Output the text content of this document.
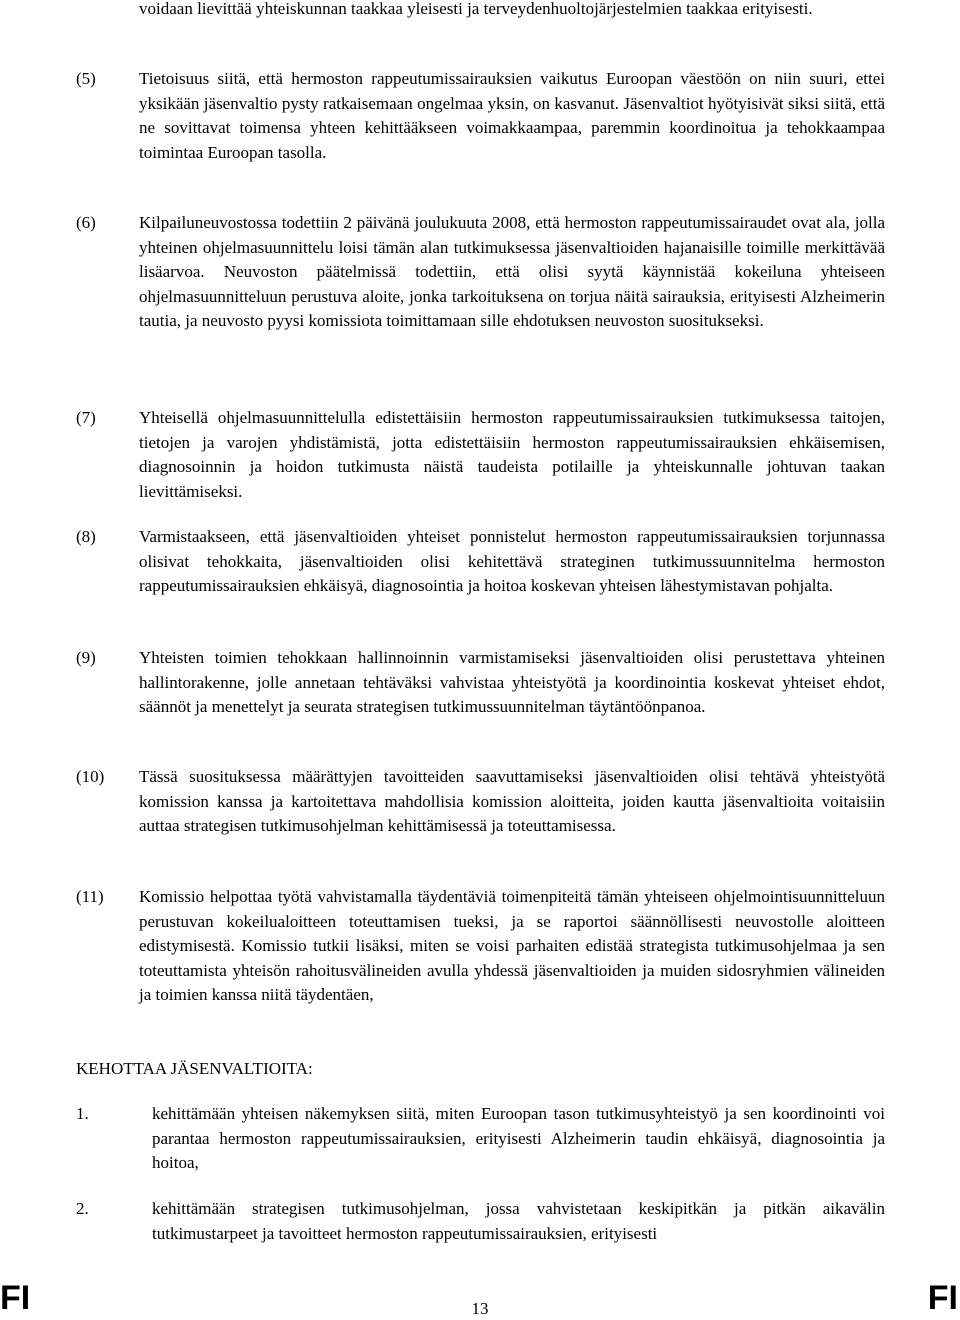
voidaan lievittää yhteiskunnan taakkaa yleisesti ja terveydenhuoltojärjestelmien taakkaa erityisesti.

(5)	Tietoisuus siitä, että hermoston rappeutumissairauksien vaikutus Euroopan väestöön on niin suuri, ettei yksikään jäsenvaltio pysty ratkaisemaan ongelmaa yksin, on kasvanut. Jäsenvaltiot hyötyisivät siksi siitä, että ne sovittavat toimensa yhteen kehittääkseen voimakkaampaa, paremmin koordinoitua ja tehokkaampaa toimintaa Euroopan tasolla.

(6)	Kilpailuneuvostossa todettiin 2 päivänä joulukuuta 2008, että hermoston rappeutumissairaudet ovat ala, jolla yhteinen ohjelmasuunnittelu loisi tämän alan tutkimuksessa jäsenvaltioiden hajanaisille toimille merkittävää lisäarvoa. Neuvoston päätelmissä todettiin, että olisi syytä käynnistää kokeiluna yhteiseen ohjelmasuunnitteluun perustuva aloite, jonka tarkoituksena on torjua näitä sairauksia, erityisesti Alzheimerin tautia, ja neuvosto pyysi komissiota toimittamaan sille ehdotuksen neuvoston suositukseksi.

(7)	Yhteisellä ohjelmasuunnittelulla edistettäisiin hermoston rappeutumissairauksien tutkimuksessa taitojen, tietojen ja varojen yhdistämistä, jotta edistettäisiin hermoston rappeutumissairauksien ehkäisemisen, diagnosoinnin ja hoidon tutkimusta näistä taudeista potilaille ja yhteiskunnalle johtuvan taakan lievittämiseksi.

(8)	Varmistaakseen, että jäsenvaltioiden yhteiset ponnistelut hermoston rappeutumissairauksien torjunnassa olisivat tehokkaita, jäsenvaltioiden olisi kehitettävä strateginen tutkimussuunnitelma hermoston rappeutumissairauksien ehkäisyä, diagnosointia ja hoitoa koskevan yhteisen lähestymistavan pohjalta.

(9)	Yhteisten toimien tehokkaan hallinnoinnin varmistamiseksi jäsenvaltioiden olisi perustettava yhteinen hallintorakenne, jolle annetaan tehtäväksi vahvistaa yhteistyötä ja koordinointia koskevat yhteiset ehdot, säännöt ja menettelyt ja seurata strategisen tutkimussuunnitelman täytäntöönpanoa.

(10) Tässä suosituksessa määrättyjen tavoitteiden saavuttamiseksi jäsenvaltioiden olisi tehtävä yhteistyötä komission kanssa ja kartoitettava mahdollisia komission aloitteita, joiden kautta jäsenvaltioita voitaisiin auttaa strategisen tutkimusohjelman kehittämisessä ja toteuttamisessa.

(11) Komissio helpottaa työtä vahvistamalla täydentäviä toimenpiteitä tämän yhteiseen ohjelmointisuunnitteluun perustuvan kokeilualoitteen toteuttamisen tueksi, ja se raportoi säännöllisesti neuvostolle aloitteen edistymisestä. Komissio tutkii lisäksi, miten se voisi parhaiten edistää strategista tutkimusohjelmaa ja sen toteuttamista yhteisön rahoitusvälineiden avulla yhdessä jäsenvaltioiden ja muiden sidosryhmien välineiden ja toimien kanssa niitä täydentäen,

KEHOTTAA JÄSENVALTIOITA:
1.	kehittämään yhteisen näkemyksen siitä, miten Euroopan tason tutkimusyhteistyö ja sen koordinointi voi parantaa hermoston rappeutumissairauksien, erityisesti Alzheimerin taudin ehkäisyä, diagnosointia ja hoitoa,

2.	kehittämään strategisen tutkimusohjelman, jossa vahvistetaan keskipitkän ja pitkän aikavälin tutkimustarpeet ja tavoitteet hermoston rappeutumissairauksien, erityisesti

FI	13	FI
